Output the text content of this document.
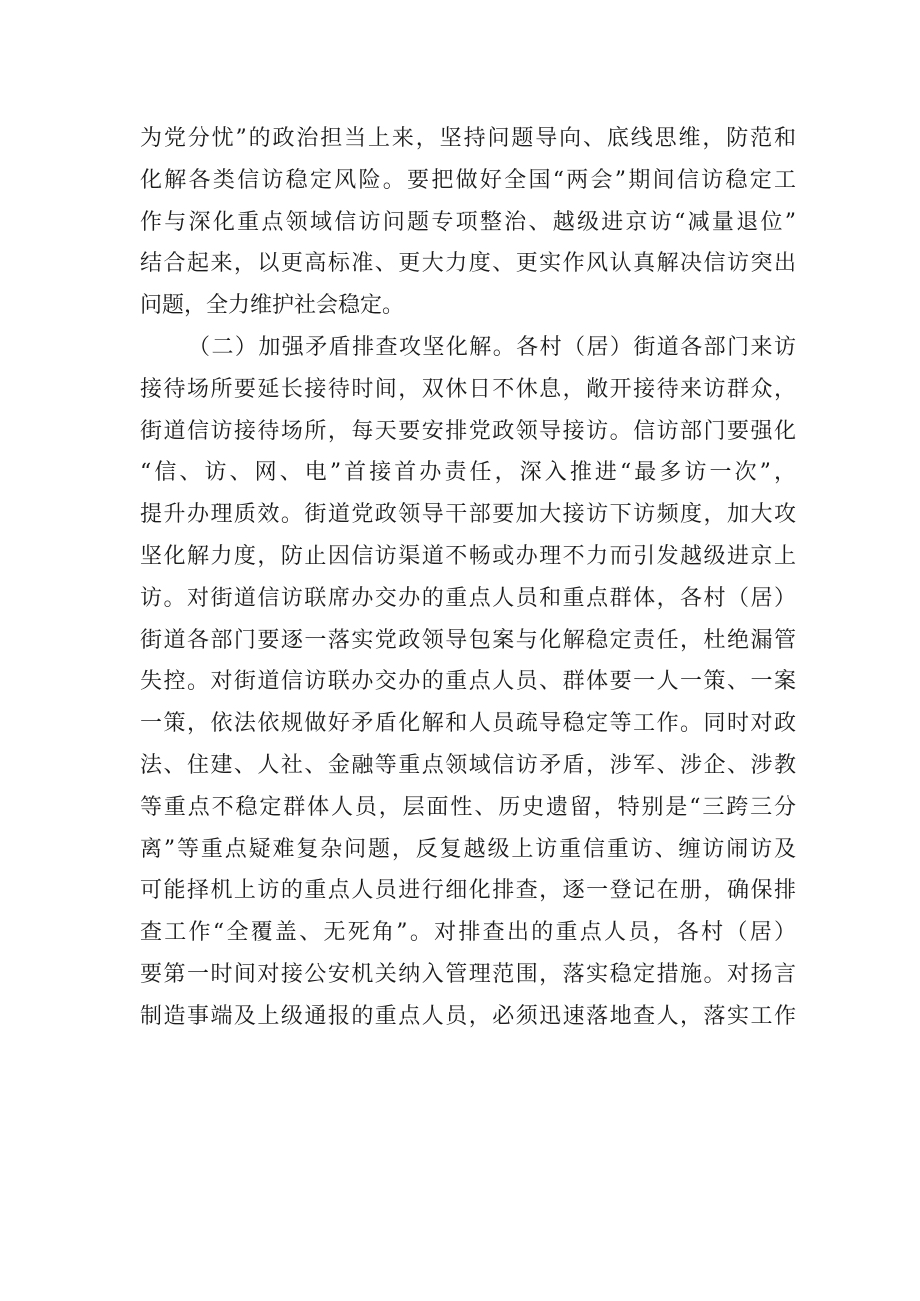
为党分忧”的政治担当上来，坚持问题导向、底线思维，防范和
化解各类信访稳定风险。要把做好全国“两会”期间信访稳定工
作与深化重点领域信访问题专项整治、越级进京访“减量退位”
结合起来，以更高标准、更大力度、更实作风认真解决信访突出
问题，全力维护社会稳定。
（二）加强矛盾排查攻坚化解。各村（居）街道各部门来访
接待场所要延长接待时间，双休日不休息，敞开接待来访群众，
街道信访接待场所，每天要安排党政领导接访。信访部门要强化
“信、访、网、电”首接首办责任，深入推进“最多访一次”，
提升办理质效。街道党政领导干部要加大接访下访频度，加大攻
坚化解力度，防止因信访渠道不畅或办理不力而引发越级进京上
访。对街道信访联席办交办的重点人员和重点群体，各村（居）
街道各部门要逐一落实党政领导包案与化解稳定责任，杜绝漏管
失控。对街道信访联办交办的重点人员、群体要一人一策、一案
一策，依法依规做好矛盾化解和人员疏导稳定等工作。同时对政
法、住建、人社、金融等重点领域信访矛盾，涉军、涉企、涉教
等重点不稳定群体人员，层面性、历史遗留，特别是“三跨三分
离”等重点疑难复杂问题，反复越级上访重信重访、缠访闹访及
可能择机上访的重点人员进行细化排查，逐一登记在册，确保排
查工作“全覆盖、无死角”。对排查出的重点人员，各村（居）
要第一时间对接公安机关纳入管理范围，落实稳定措施。对扬言
制造事端及上级通报的重点人员，必须迅速落地查人，落实工作
